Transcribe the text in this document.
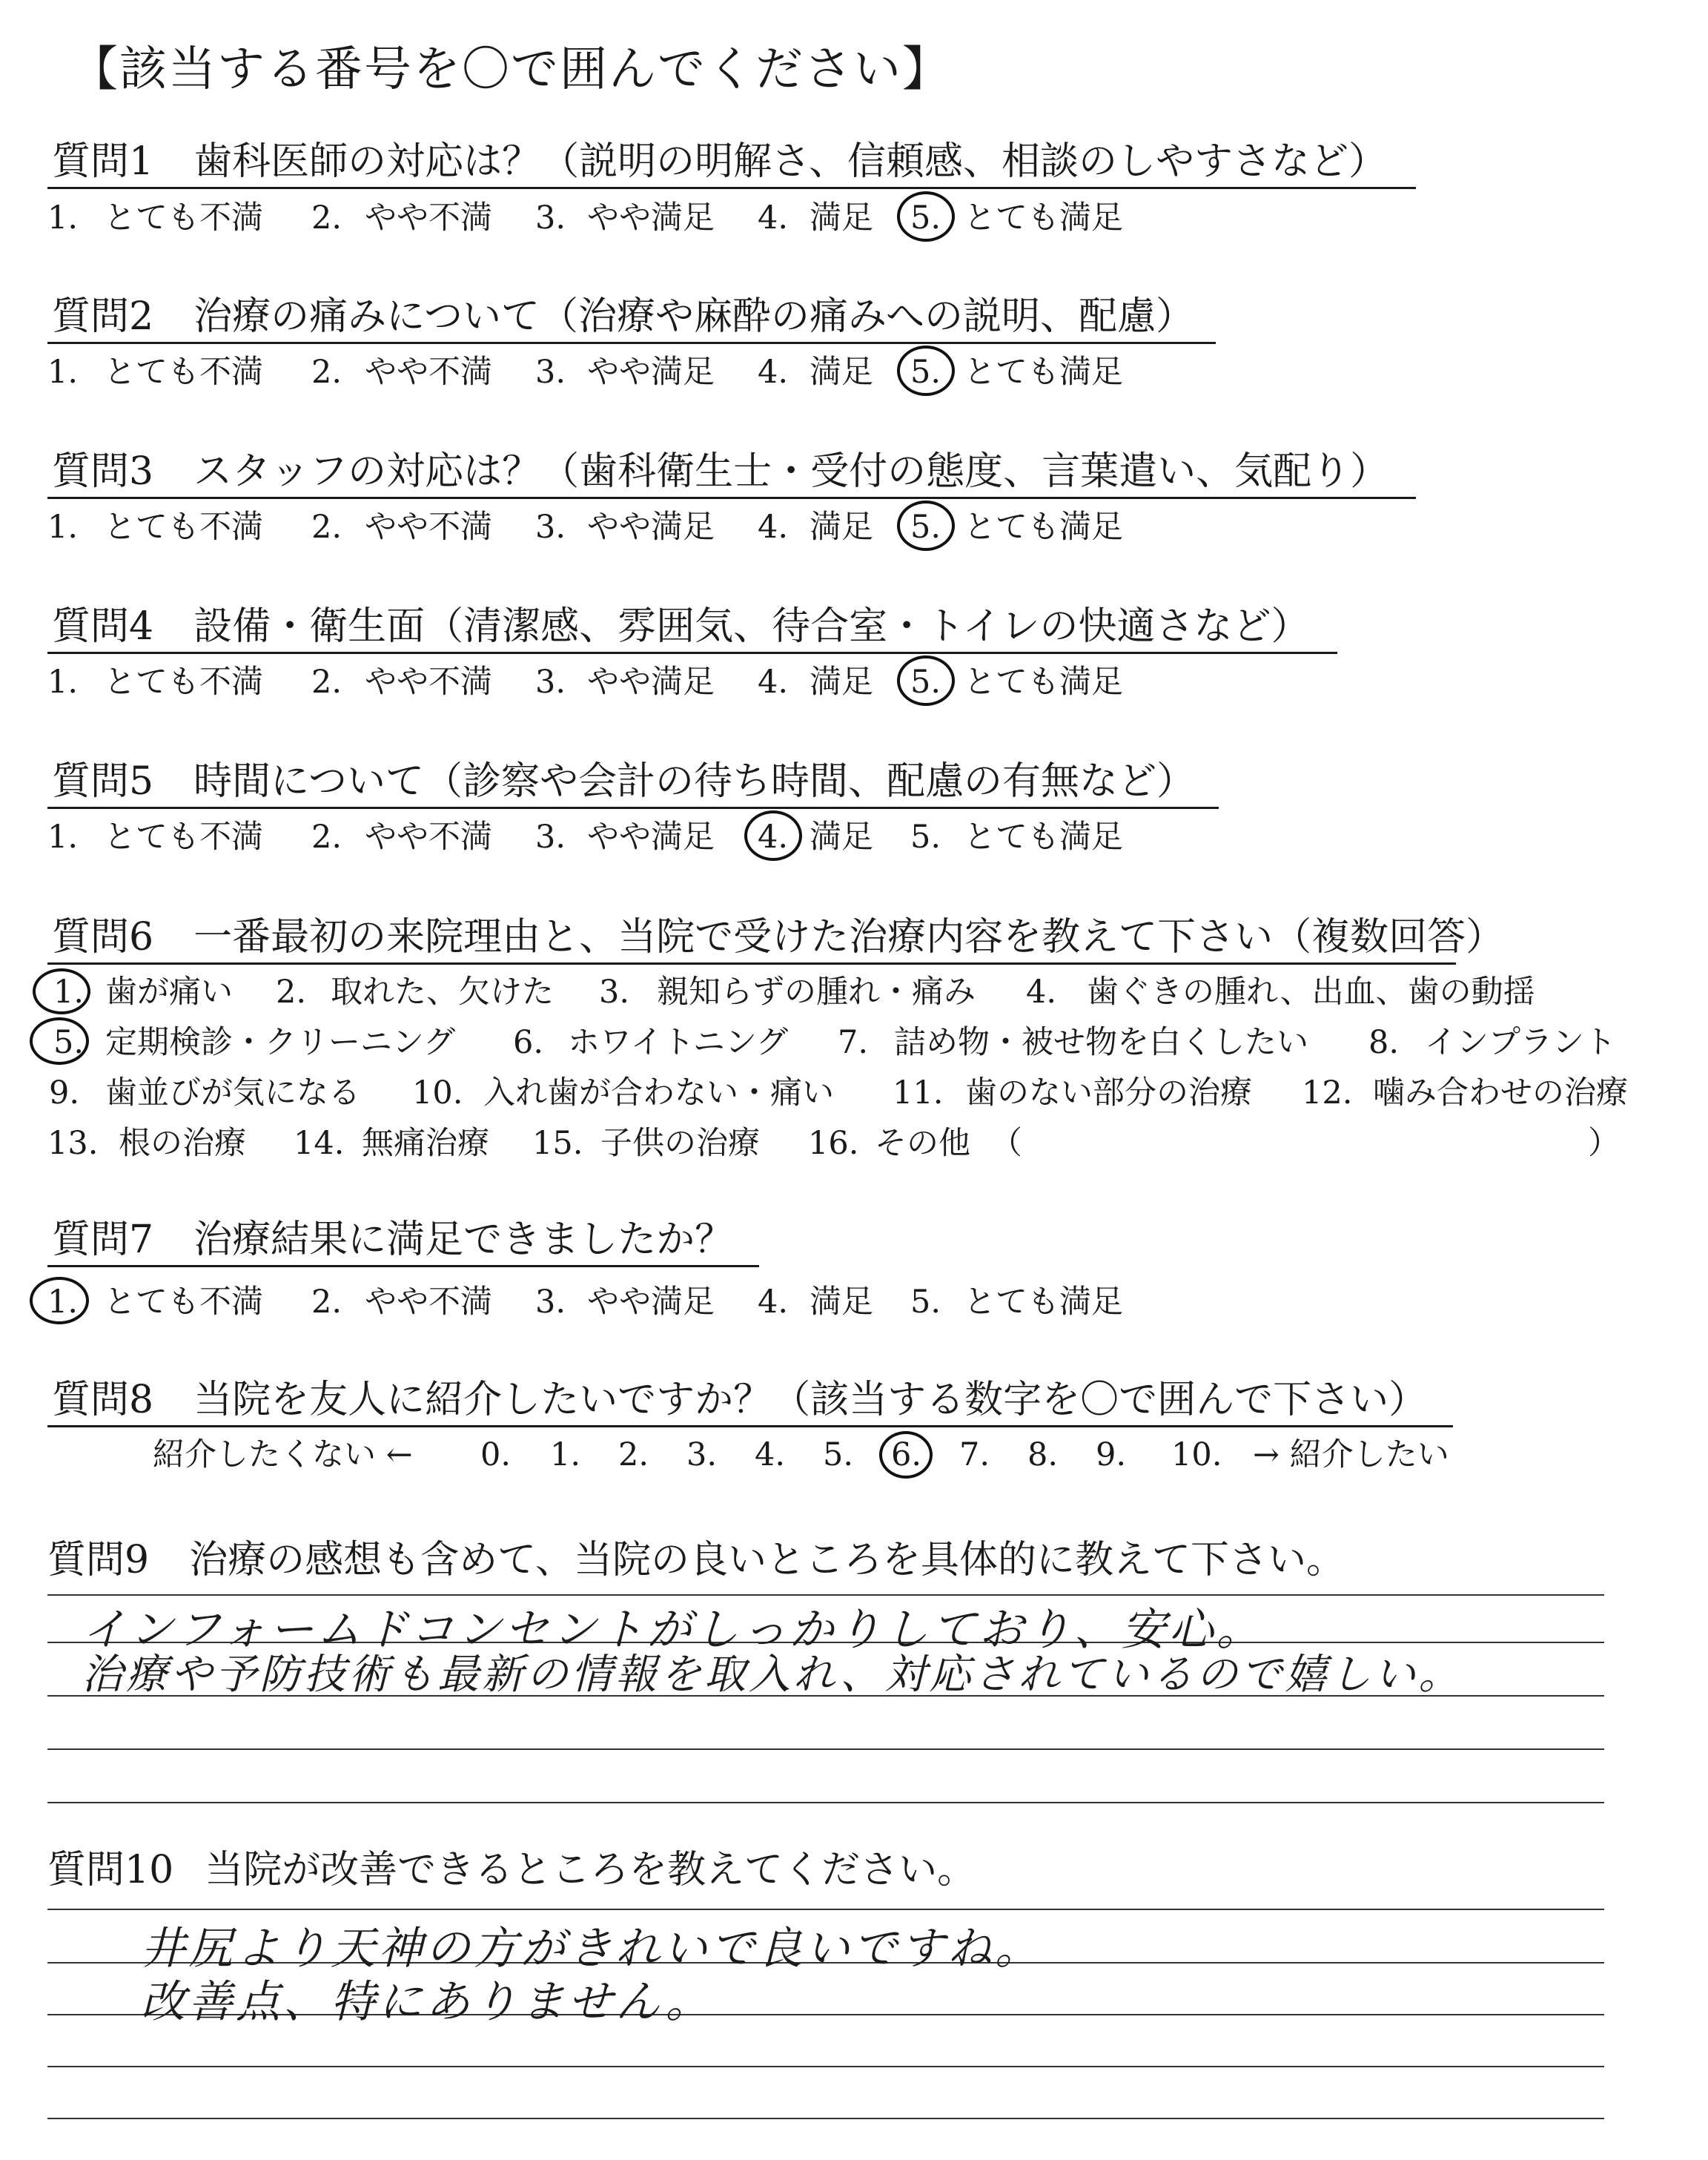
【該当する番号を〇で囲んでください】
質問1 歯科医師の対応は？（説明の明解さ、信頼感、相談のしやすさなど）
1. とても不満 2. やや不満 3. やや満足 4. 満足 5. とても満足
質問2 治療の痛みについて（治療や麻酔の痛みへの説明、配慮）
1. とても不満 2. やや不満 3. やや満足 4. 満足 5. とても満足
質問3 スタッフの対応は？（歯科衛生士・受付の態度、言葉遣い、気配り）
1. とても不満 2. やや不満 3. やや満足 4. 満足 5. とても満足
質問4 設備・衛生面（清潔感、雰囲気、待合室・トイレの快適さなど）
1. とても不満 2. やや不満 3. やや満足 4. 満足 5. とても満足
質問5 時間について（診察や会計の待ち時間、配慮の有無など）
1. とても不満 2. やや不満 3. やや満足 4. 満足 5. とても満足
質問6 一番最初の来院理由と、当院で受けた治療内容を教えて下さい（複数回答）
1. 歯が痛い 2. 取れた、欠けた 3. 親知らずの腫れ・痛み 4. 歯ぐきの腫れ、出血、歯の動揺
5. 定期検診・クリーニング 6. ホワイトニング 7. 詰め物・被せ物を白くしたい 8. インプラント
9. 歯並びが気になる 10. 入れ歯が合わない・痛い 11. 歯のない部分の治療 12. 噛み合わせの治療
13. 根の治療 14. 無痛治療 15. 子供の治療 16. その他 （	）
質問7 治療結果に満足できましたか？
1. とても不満 2. やや不満 3. やや満足 4. 満足 5. とても満足
質問8 当院を友人に紹介したいですか？（該当する数字を〇で囲んで下さい）
紹介したくない ← 0. 1. 2. 3. 4. 5. 6. 7. 8. 9. 10. → 紹介したい
質問9 治療の感想も含めて、当院の良いところを具体的に教えて下さい。
インフォームドコンセントがしっかりしており、安心。
治療や予防技術も最新の情報を取入れ、対応されているので嬉しい。
質問10 当院が改善できるところを教えてください。
井尻より天神の方がきれいで良いですね。
改善点、特にありません。
